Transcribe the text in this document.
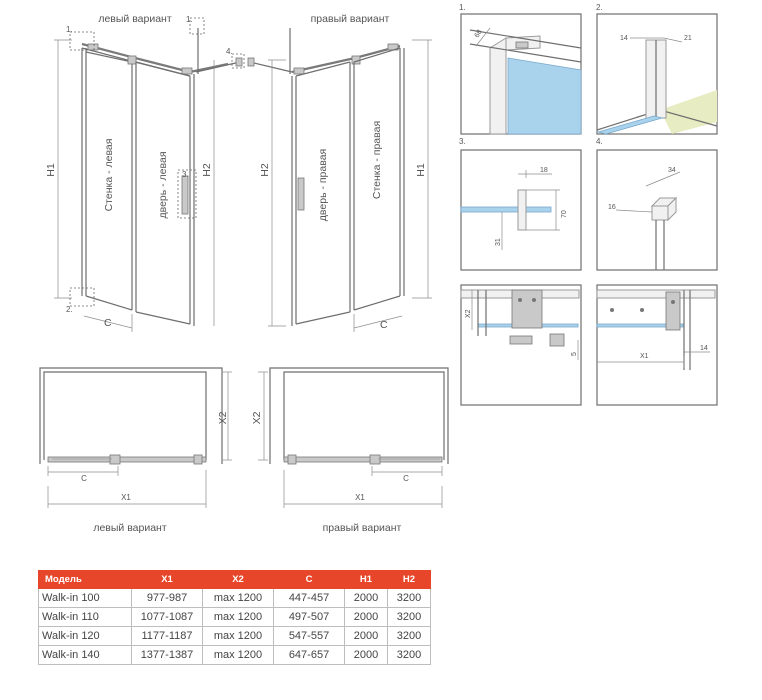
левый вариант
H1	3.
Стенка - левая	дверь - левая	H2
1.
4.
1.
2.
C
правый вариант
H2	дверь - правая	Стенка - правая	H1
C
X2
C
X1
левый вариант
X2
C
X1
правый вариант
1.
68
2.
14	21
3.
18
70
31
4.
34
16
X2
5	X1
14
Модель	X1	X2	C	H1	H2
Walk-in 100	977-987	max 1200	447-457	2000	3200
Walk-in 110	1077-1087	max 1200	497-507	2000	3200
Walk-in 120	1177-1187	max 1200	547-557	2000	3200
Walk-in 140	1377-1387	max 1200	647-657	2000	3200
